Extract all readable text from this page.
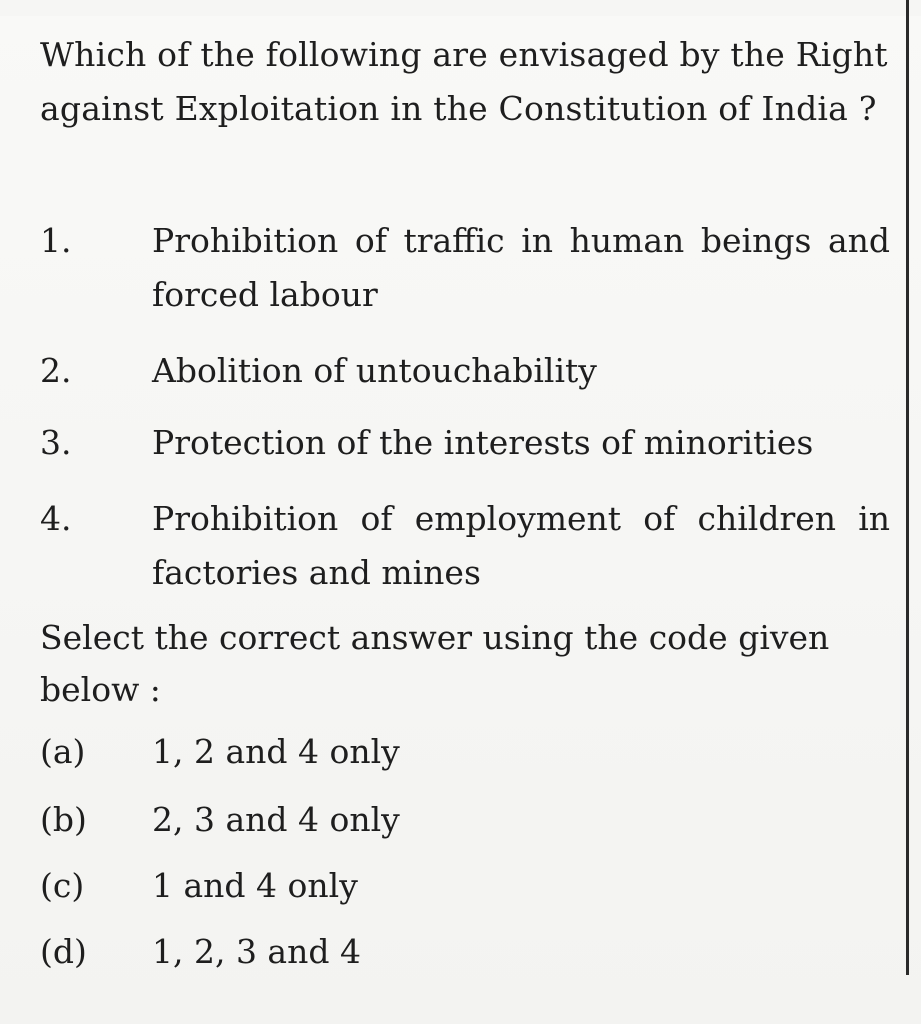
Which of the following are envisaged by the Right against Exploitation in the Constitution of India ?
1.	Prohibition of traffic in human beings and forced labour
2.	Abolition of untouchability
3.	Protection of the interests of minorities
4.	Prohibition of employment of children in factories and mines
Select the correct answer using the code given below :
(a) 1, 2 and 4 only
(b) 2, 3 and 4 only
(c) 1 and 4 only
(d) 1, 2, 3 and 4
